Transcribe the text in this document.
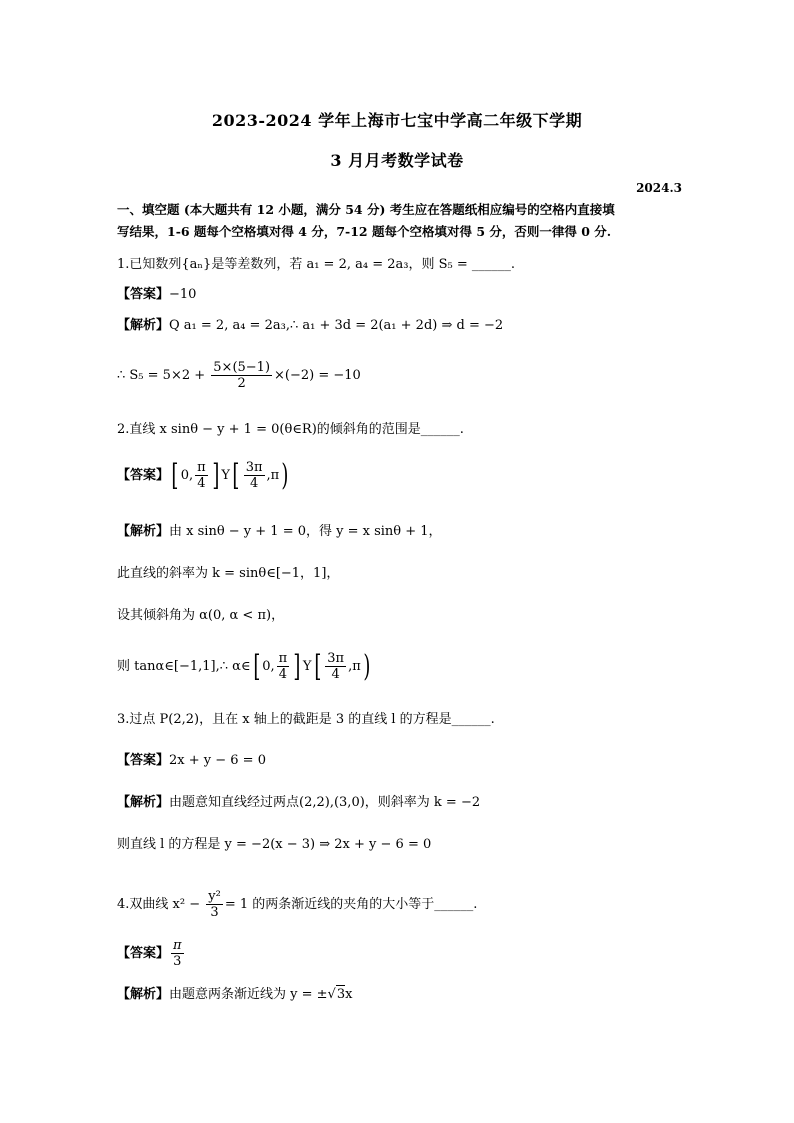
2023-2024 学年上海市七宝中学高二年级下学期
3 月月考数学试卷
2024.3
一、填空题 (本大题共有 12 小题，满分 54 分) 考生应在答题纸相应编号的空格内直接填
写结果，1-6 题每个空格填对得 4 分，7-12 题每个空格填对得 5 分，否则一律得 0 分.
1.已知数列{aₙ}是等差数列，若 a₁ = 2, a₄ = 2a₃，则 S₅ = ______.
【答案】−10
【解析】Q a₁ = 2, a₄ = 2a₃,∴ a₁ + 3d = 2(a₁ + 2d) ⇒ d = −2
∴ $S_5 = 5\times 2 + \frac{5\times(5-1)}{2} \times(-2) = -10$
2.直线 x sinθ − y + 1 = 0(θ∈R)的倾斜角的范围是______.
【答案】[ 0, $\frac{\pi}{4}$ ] $Y[ \frac{3\pi}{4} ,\pi)$
【解析】由 x sinθ − y + 1 = 0，得 y = x sinθ + 1，
此直线的斜率为 k = sinθ∈[−1，1]，
设其倾斜角为 α(0, α < π)，
则 tanα∈[−1,1],∴ α∈[ 0, $\frac{\pi}{4}$ ] $Y[ \frac{3\pi}{4} ,\pi)$
3.过点 P(2,2)，且在 x 轴上的截距是 3 的直线 l 的方程是______.
【答案】2x + y − 6 = 0
【解析】由题意知直线经过两点(2,2),(3,0)，则斜率为 k = −2
则直线 l 的方程是 y = −2(x − 3) ⇒ 2x + y − 6 = 0
4.双曲线 $x^2 - \frac{\text{y²}}{3} = 1$ 的两条渐近线的夹角的大小等于______.
【答案】 $\frac{\pi}{3}$
【解析】由题意两条渐近线为 y = ±√3x
